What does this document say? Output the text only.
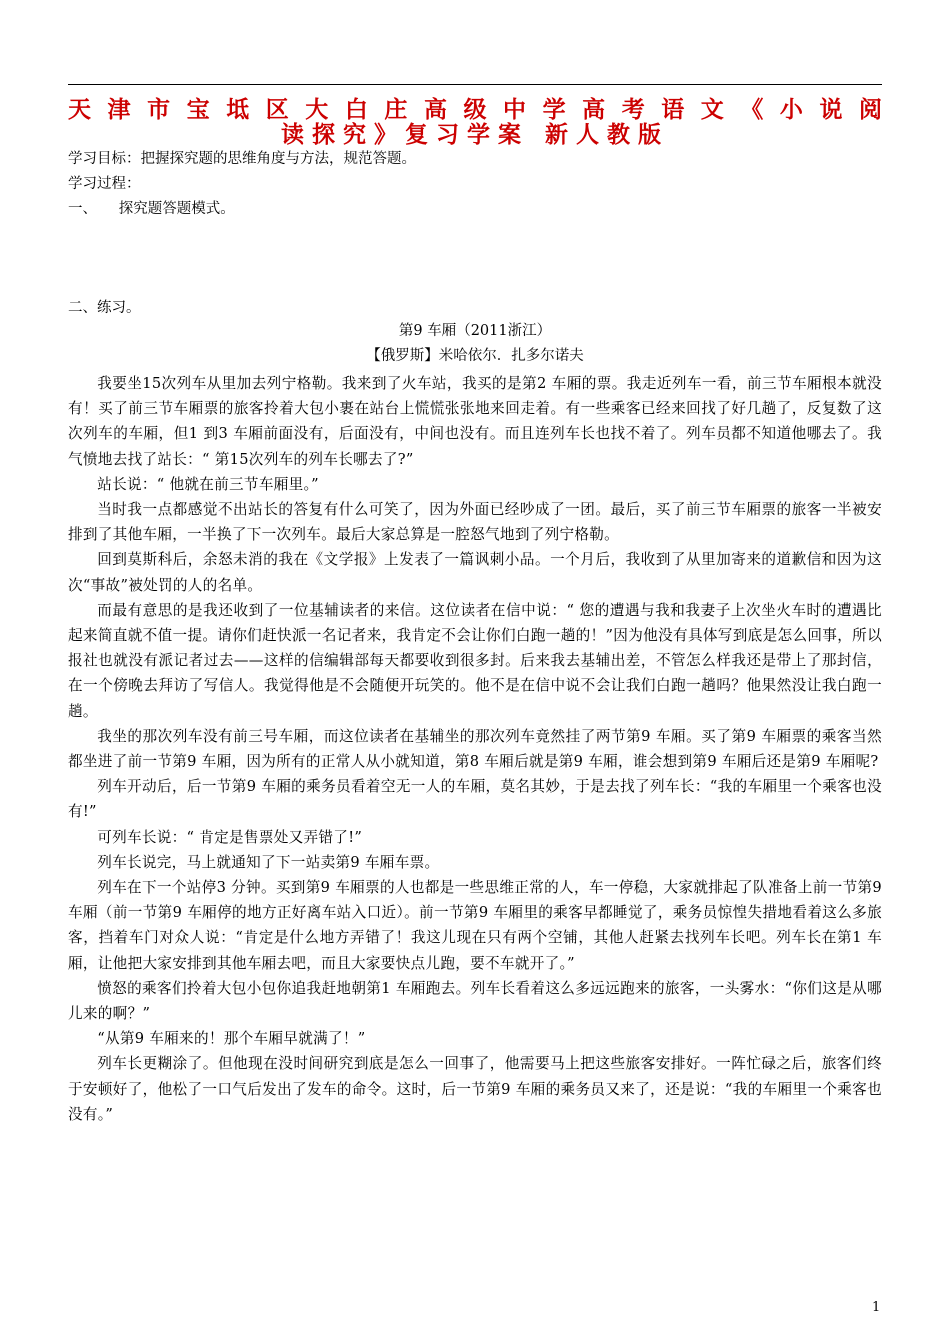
天 津 市 宝 坻 区 大 白 庄 高 级 中 学 高 考 语 文 《 小 说 阅
读探究》复习学案 新人教版
学习目标：把握探究题的思维角度与方法，规范答题。
学习过程：
一、　　探究题答题模式。
二、练习。
第9 车厢（2011浙江）
【俄罗斯】米哈依尔．扎多尔诺夫

我要坐15次列车从里加去列宁格勒。我来到了火车站，我买的是第2 车厢的票。我走近列车一看，前三节车厢根本就没有！买了前三节车厢票的旅客拎着大包小裹在站台上慌慌张张地来回走着。有一些乘客已经来回找了好几趟了，反复数了这次列车的车厢，但1 到3 车厢前面没有，后面没有，中间也没有。而且连列车长也找不着了。列车员都不知道他哪去了。我气愤地去找了站长：“ 第15次列车的列车长哪去了?”

站长说：“ 他就在前三节车厢里。”

当时我一点都感觉不出站长的答复有什么可笑了，因为外面已经吵成了一团。最后，买了前三节车厢票的旅客一半被安排到了其他车厢，一半换了下一次列车。最后大家总算是一腔怒气地到了列宁格勒。

回到莫斯科后，余怒未消的我在《文学报》上发表了一篇讽刺小品。一个月后，我收到了从里加寄来的道歉信和因为这次“事故”被处罚的人的名单。

而最有意思的是我还收到了一位基辅读者的来信。这位读者在信中说：“ 您的遭遇与我和我妻子上次坐火车时的遭遇比起来简直就不值一提。请你们赶快派一名记者来，我肯定不会让你们白跑一趟的！”因为他没有具体写到底是怎么回事，所以报社也就没有派记者过去——这样的信编辑部每天都要收到很多封。后来我去基辅出差，不管怎么样我还是带上了那封信，在一个傍晚去拜访了写信人。我觉得他是不会随便开玩笑的。他不是在信中说不会让我们白跑一趟吗？他果然没让我白跑一趟。

我坐的那次列车没有前三号车厢，而这位读者在基辅坐的那次列车竟然挂了两节第9 车厢。买了第9 车厢票的乘客当然都坐进了前一节第9 车厢，因为所有的正常人从小就知道，第8 车厢后就是第9 车厢，谁会想到第9 车厢后还是第9 车厢呢?

列车开动后，后一节第9 车厢的乘务员看着空无一人的车厢，莫名其妙，于是去找了列车长：“我的车厢里一个乘客也没有!”

可列车长说：“ 肯定是售票处又弄错了!”

列车长说完，马上就通知了下一站卖第9 车厢车票。

列车在下一个站停3 分钟。买到第9 车厢票的人也都是一些思维正常的人，车一停稳，大家就排起了队准备上前一节第9 车厢（前一节第9 车厢停的地方正好离车站入口近）。前一节第9 车厢里的乘客早都睡觉了，乘务员惊惶失措地看着这么多旅客，挡着车门对众人说：“肯定是什么地方弄错了！我这儿现在只有两个空铺，其他人赶紧去找列车长吧。列车长在第1 车厢，让他把大家安排到其他车厢去吧，而且大家要快点儿跑，要不车就开了。”

愤怒的乘客们拎着大包小包你追我赶地朝第1 车厢跑去。列车长看着这么多远远跑来的旅客，一头雾水：“你们这是从哪儿来的啊？”

“从第9 车厢来的！那个车厢早就满了！”

列车长更糊涂了。但他现在没时间研究到底是怎么一回事了，他需要马上把这些旅客安排好。一阵忙碌之后，旅客们终于安顿好了，他松了一口气后发出了发车的命令。这时，后一节第9 车厢的乘务员又来了，还是说：“我的车厢里一个乘客也没有。”

1
